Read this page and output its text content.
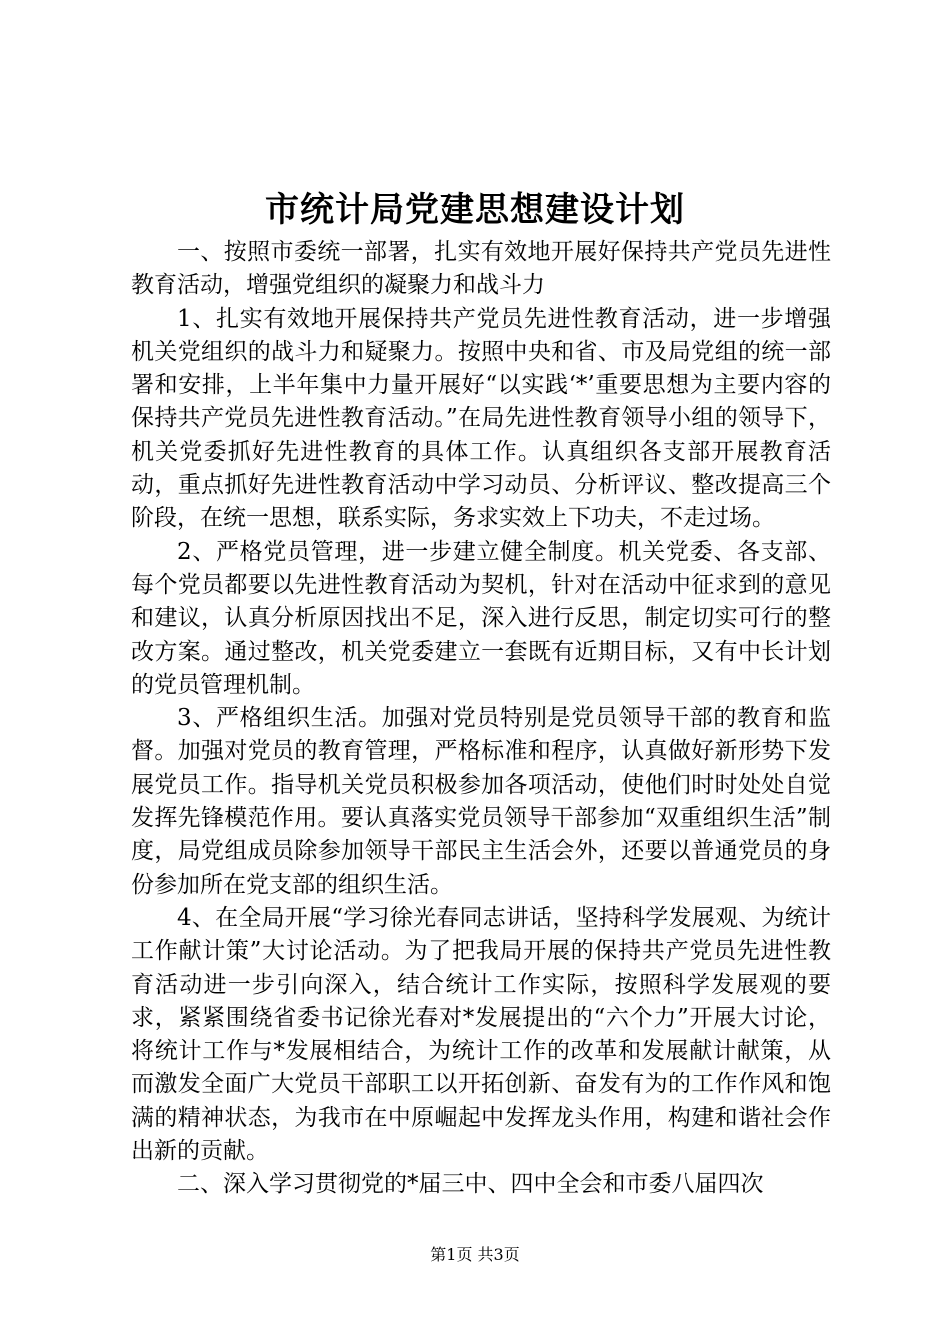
市统计局党建思想建设计划

一、按照市委统一部署，扎实有效地开展好保持共产党员先进性教育活动，增强党组织的凝聚力和战斗力

1、扎实有效地开展保持共产党员先进性教育活动，进一步增强机关党组织的战斗力和疑聚力。按照中央和省、市及局党组的统一部署和安排，上半年集中力量开展好“以实践‘*’重要思想为主要内容的保持共产党员先进性教育活动。”在局先进性教育领导小组的领导下，机关党委抓好先进性教育的具体工作。认真组织各支部开展教育活动，重点抓好先进性教育活动中学习动员、分析评议、整改提高三个阶段，在统一思想，联系实际，务求实效上下功夫，不走过场。

2、严格党员管理，进一步建立健全制度。机关党委、各支部、每个党员都要以先进性教育活动为契机，针对在活动中征求到的意见和建议，认真分析原因找出不足，深入进行反思，制定切实可行的整改方案。通过整改，机关党委建立一套既有近期目标，又有中长计划的党员管理机制。

3、严格组织生活。加强对党员特别是党员领导干部的教育和监督。加强对党员的教育管理，严格标准和程序，认真做好新形势下发展党员工作。指导机关党员积极参加各项活动，使他们时时处处自觉发挥先锋模范作用。要认真落实党员领导干部参加“双重组织生活”制度，局党组成员除参加领导干部民主生活会外，还要以普通党员的身份参加所在党支部的组织生活。

4、在全局开展“学习徐光春同志讲话，坚持科学发展观、为统计工作献计策”大讨论活动。为了把我局开展的保持共产党员先进性教育活动进一步引向深入，结合统计工作实际，按照科学发展观的要求，紧紧围绕省委书记徐光春对*发展提出的“六个力”开展大讨论，将统计工作与*发展相结合，为统计工作的改革和发展献计献策，从而激发全面广大党员干部职工以开拓创新、奋发有为的工作作风和饱满的精神状态，为我市在中原崛起中发挥龙头作用，构建和谐社会作出新的贡献。

二、深入学习贯彻党的*届三中、四中全会和市委八届四次

第1页 共3页
